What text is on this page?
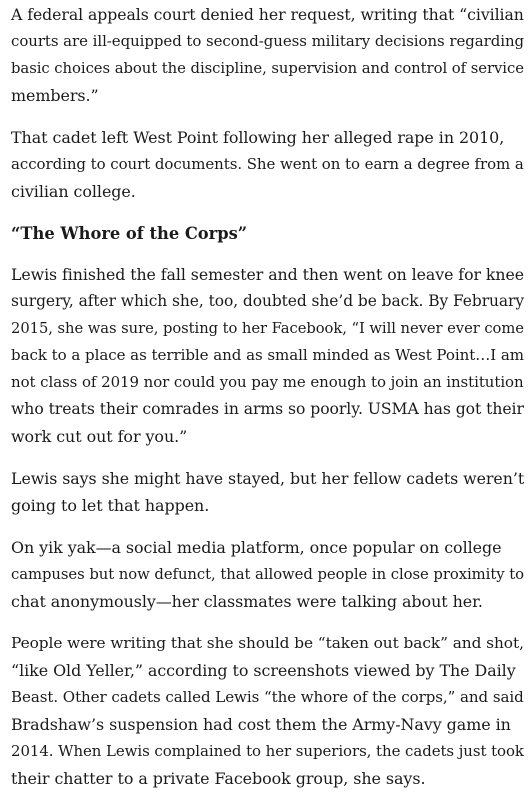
A federal appeals court denied her request, writing that “civilian
courts are ill-equipped to second-guess military decisions regarding
basic choices about the discipline, supervision and control of service
members.”

That cadet left West Point following her alleged rape in 2010,
according to court documents. She went on to earn a degree from a
civilian college.

“The Whore of the Corps”

Lewis finished the fall semester and then went on leave for knee
surgery, after which she, too, doubted she’d be back. By February
2015, she was sure, posting to her Facebook, “I will never ever come
back to a place as terrible and as small minded as West Point…I am
not class of 2019 nor could you pay me enough to join an institution
who treats their comrades in arms so poorly. USMA has got their
work cut out for you.”

Lewis says she might have stayed, but her fellow cadets weren’t
going to let that happen.

On yik yak—a social media platform, once popular on college
campuses but now defunct, that allowed people in close proximity to
chat anonymously—her classmates were talking about her.

People were writing that she should be “taken out back” and shot,
“like Old Yeller,” according to screenshots viewed by The Daily
Beast. Other cadets called Lewis “the whore of the corps,” and said
Bradshaw’s suspension had cost them the Army-Navy game in
2014. When Lewis complained to her superiors, the cadets just took
their chatter to a private Facebook group, she says.
